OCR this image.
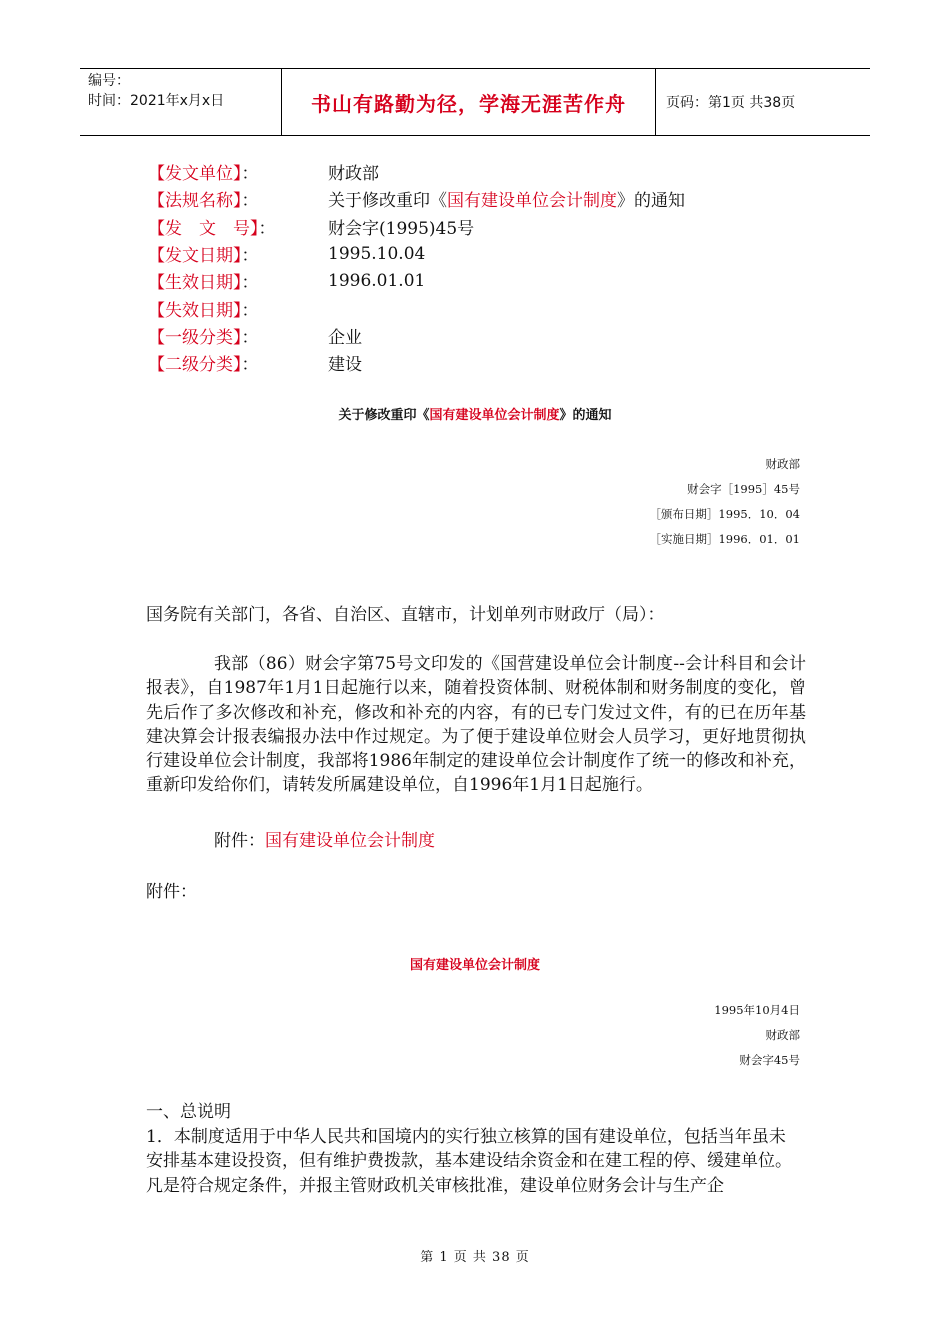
编号：
时间：2021年x月x日	书山有路勤为径，学海无涯苦作舟	页码：第1页 共38页
【发文单位】：	财政部
【法规名称】：	关于修改重印《国有建设单位会计制度》的通知
【发　文　号】：	财会字(1995)45号
【发文日期】：	1995.10.04
【生效日期】：	1996.01.01
【失效日期】：
【一级分类】：	企业
【二级分类】：	建设
关于修改重印《国有建设单位会计制度》的通知
财政部
财会字［1995］45号
［颁布日期］1995．10．04　
［实施日期］1996．01．01
国务院有关部门，各省、自治区、直辖市，计划单列市财政厅（局）：
我部（86）财会字第75号文印发的《国营建设单位会计制度--会计科目和会计报表》，自1987年1月1日起施行以来，随着投资体制、财税体制和财务制度的变化，曾先后作了多次修改和补充，修改和补充的内容，有的已专门发过文件，有的已在历年基建决算会计报表编报办法中作过规定。为了便于建设单位财会人员学习，更好地贯彻执行建设单位会计制度，我部将1986年制定的建设单位会计制度作了统一的修改和补充，重新印发给你们，请转发所属建设单位，自1996年1月1日起施行。
附件：国有建设单位会计制度
附件：
国有建设单位会计制度
1995年10月4日
财政部
财会字45号
一、总说明
1．本制度适用于中华人民共和国境内的实行独立核算的国有建设单位，包括当年虽未安排基本建设投资，但有维护费拨款，基本建设结余资金和在建工程的停、缓建单位。
凡是符合规定条件，并报主管财政机关审核批准，建设单位财务会计与生产企
第 1 页 共 38 页
